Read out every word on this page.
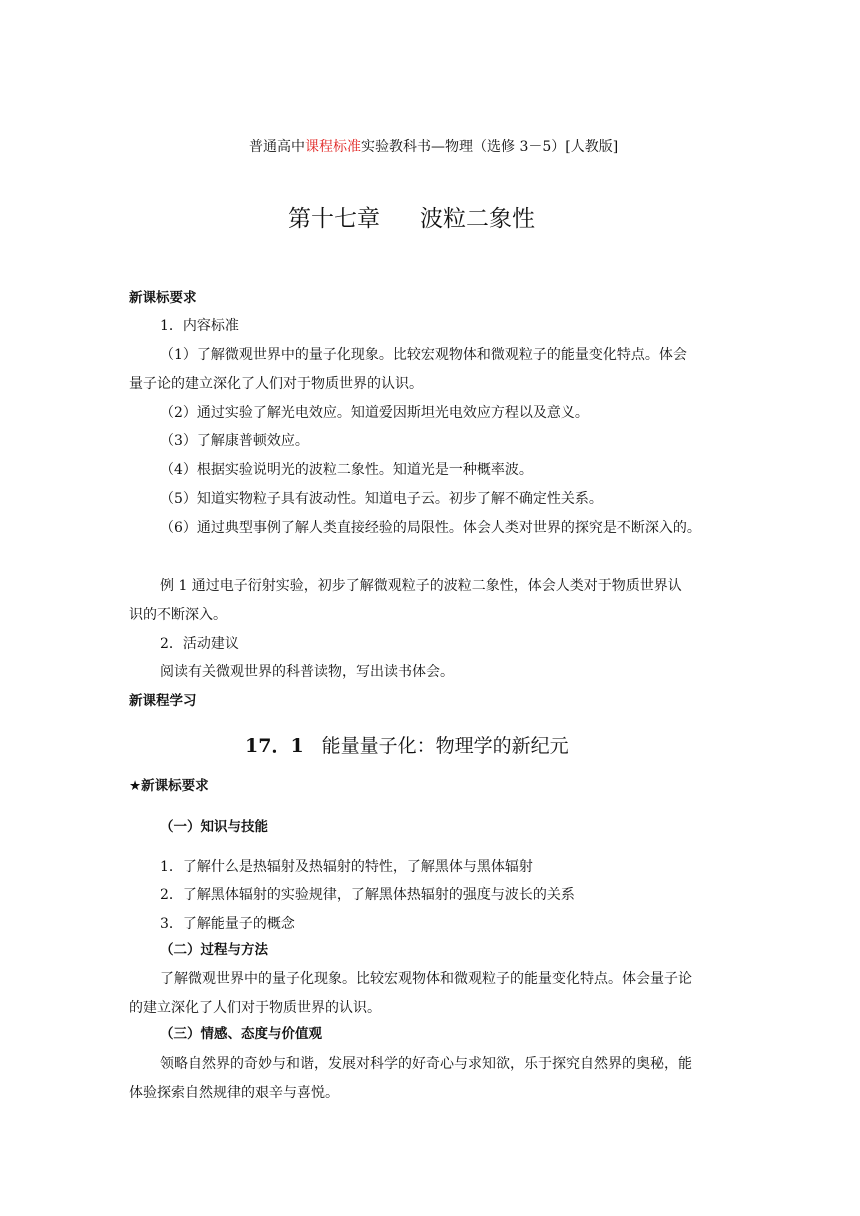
普通高中课程标准实验教科书—物理（选修 3－5）[人教版]
第十七章 波粒二象性
新课标要求
1．内容标准
（1）了解微观世界中的量子化现象。比较宏观物体和微观粒子的能量变化特点。体会
量子论的建立深化了人们对于物质世界的认识。
（2）通过实验了解光电效应。知道爱因斯坦光电效应方程以及意义。
（3）了解康普顿效应。
（4）根据实验说明光的波粒二象性。知道光是一种概率波。
（5）知道实物粒子具有波动性。知道电子云。初步了解不确定性关系。
（6）通过典型事例了解人类直接经验的局限性。体会人类对世界的探究是不断深入的。
例 1 通过电子衍射实验，初步了解微观粒子的波粒二象性，体会人类对于物质世界认
识的不断深入。
2．活动建议
阅读有关微观世界的科普读物，写出读书体会。
新课程学习
17．1 能量量子化：物理学的新纪元
★新课标要求
（一）知识与技能
1．了解什么是热辐射及热辐射的特性，了解黑体与黑体辐射
2．了解黑体辐射的实验规律，了解黑体热辐射的强度与波长的关系
3．了解能量子的概念
（二）过程与方法
了解微观世界中的量子化现象。比较宏观物体和微观粒子的能量变化特点。体会量子论
的建立深化了人们对于物质世界的认识。
（三）情感、态度与价值观
领略自然界的奇妙与和谐，发展对科学的好奇心与求知欲，乐于探究自然界的奥秘，能
体验探索自然规律的艰辛与喜悦。
